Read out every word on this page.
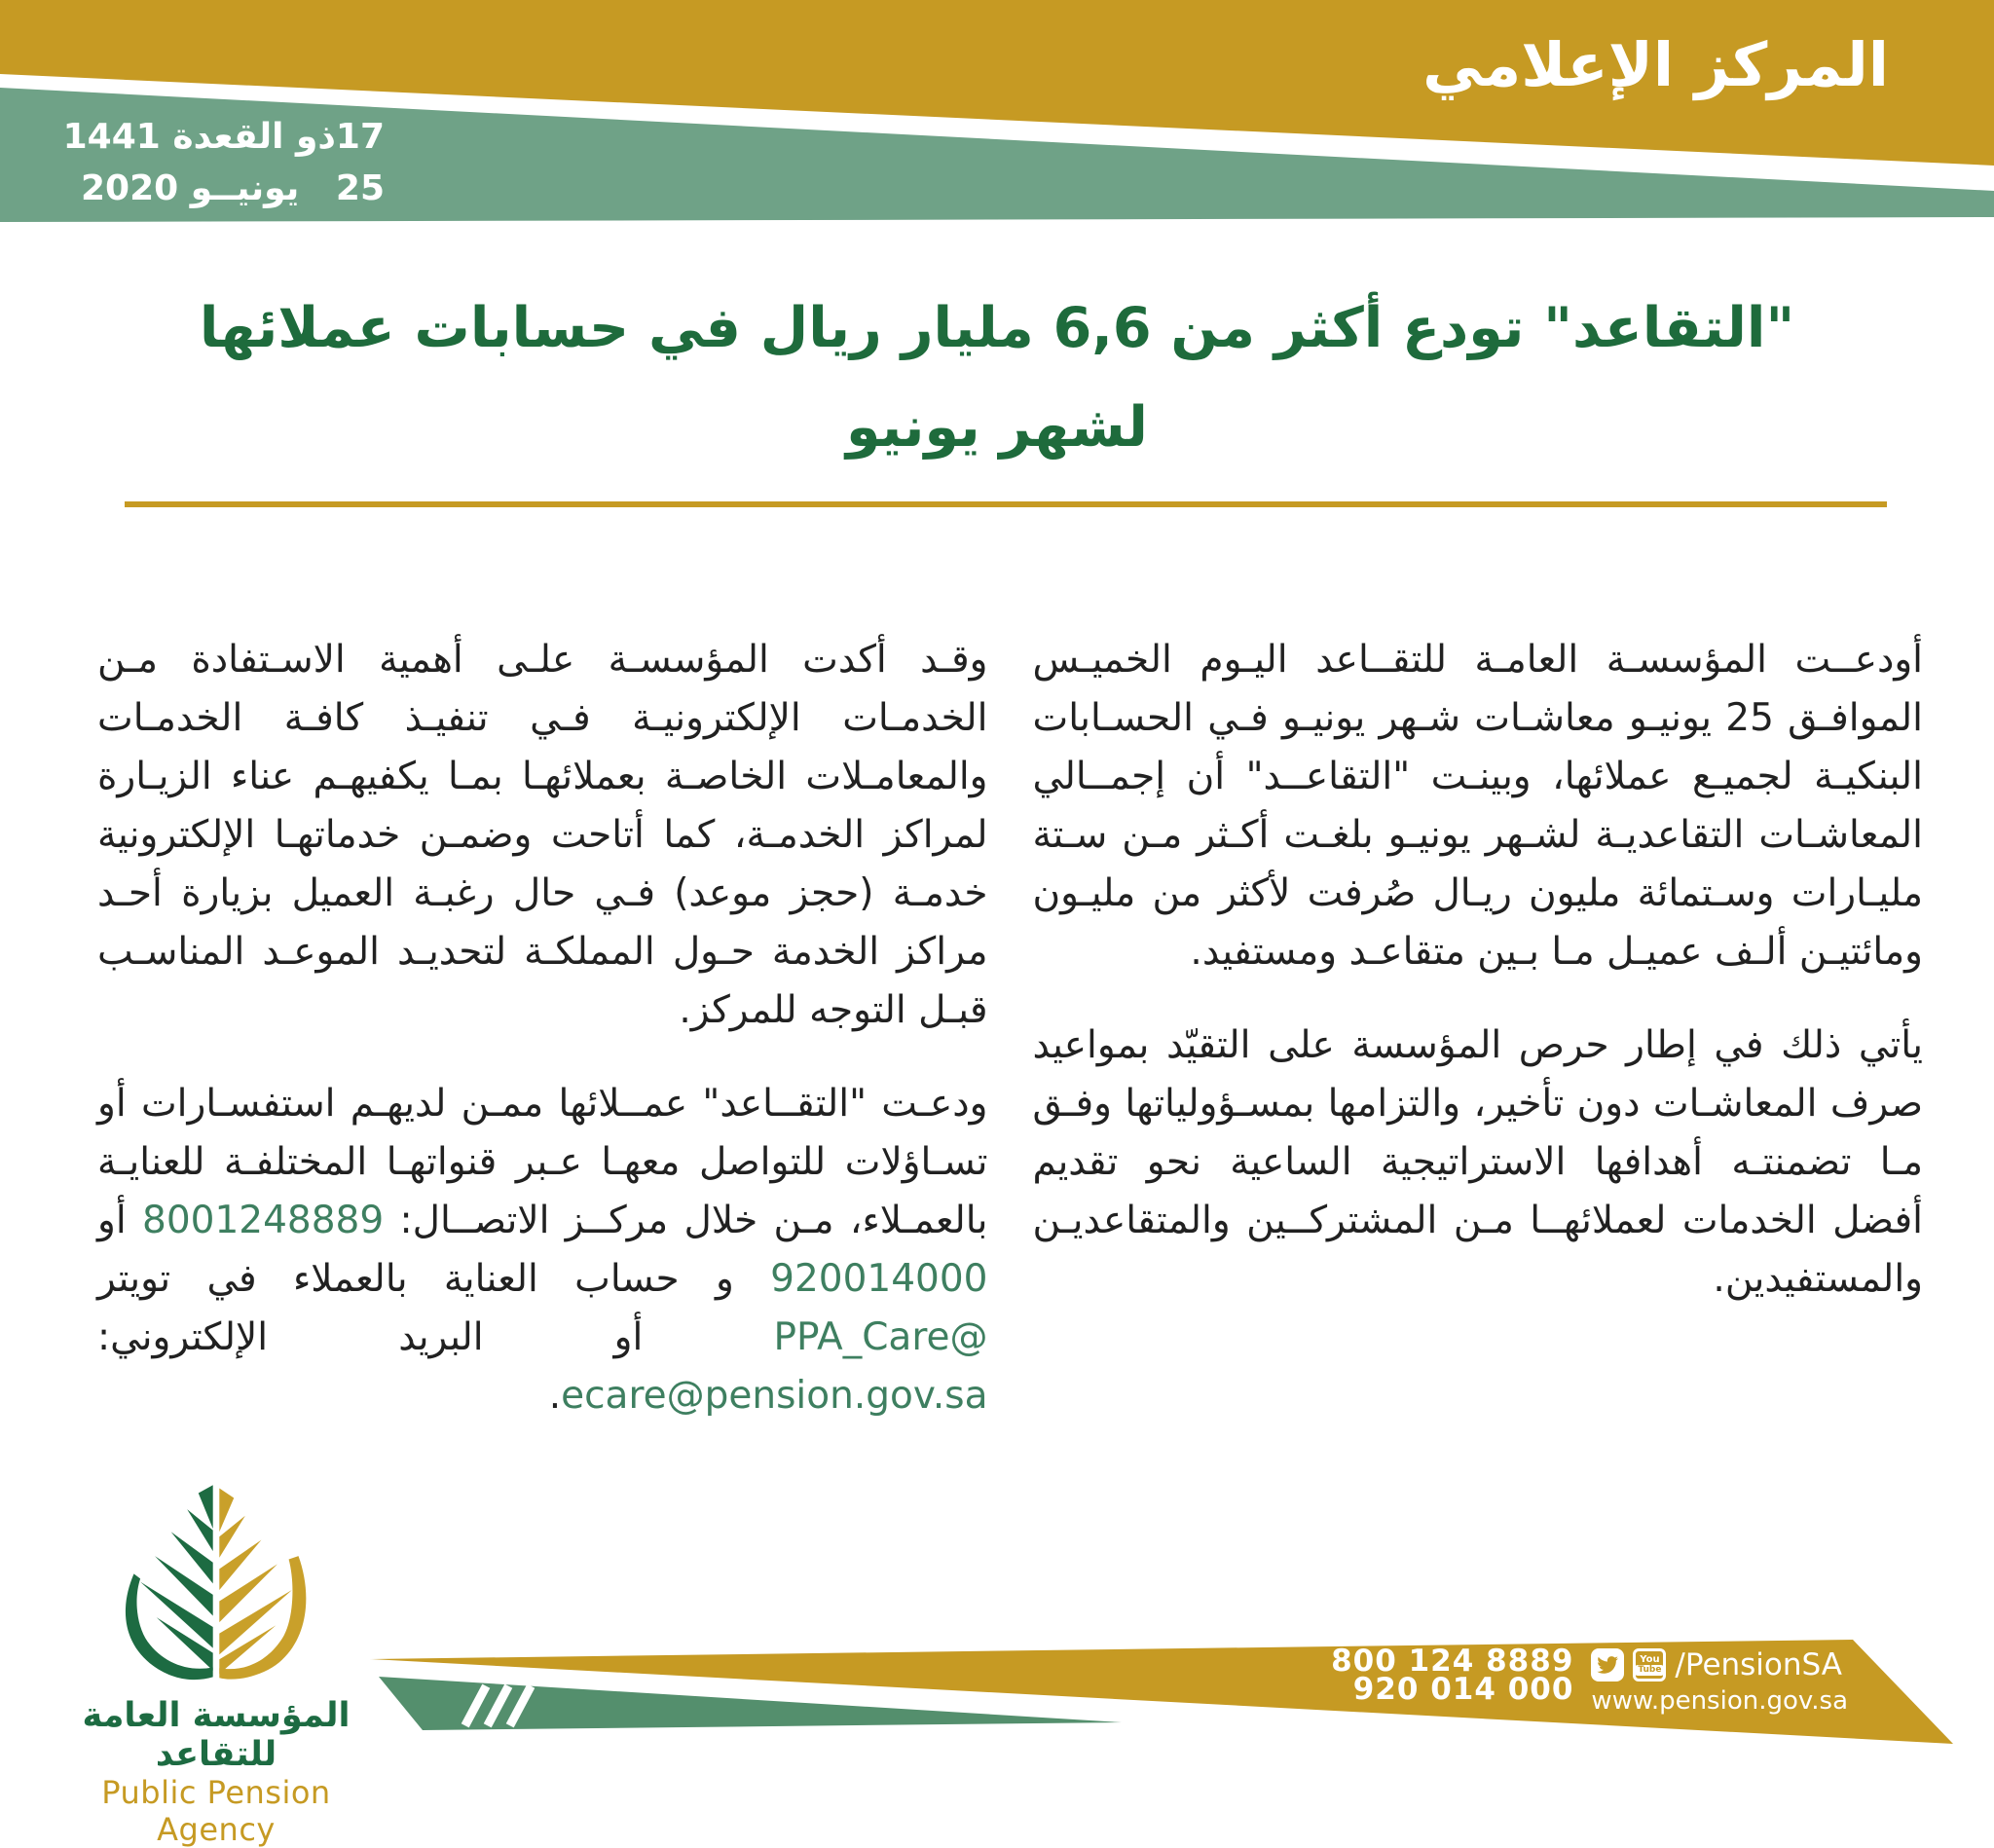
المركز الإعلامي
17
ذو القعدة 1441
25
يونيــو 2020
"التقاعد" تودع أكثر من 6,6 مليار ريال في حسابات عملائها
لشهر يونيو

أودعــت المؤسسـة العامـة للتقــاعد اليـوم الخميـس الموافـق 25 يونيـو معاشـات شـهر يونيـو فـي الحسـابات البنكيـة لجميـع عملائها، وبينـت "التقاعــد" أن إجمــالي المعاشـات التقاعديـة لشـهر يونيـو بلغـت أكـثر مـن سـتة مليـارات وسـتمائة مليون ريـال صُرفت لأكثر من مليـون ومائتيـن ألـف عميـل مـا بـين متقاعـد ومستفيد.

يأتي ذلك في إطار حرص المؤسسة على التقيّد بمواعيد صرف المعاشـات دون تأخير، والتزامها بمسـؤولياتها وفـق مـا تضمنتـه أهدافها الاستراتيجية الساعية نحو تقديم أفضل الخدمات لعملائهــا مـن المشتركــين والمتقاعديـن والمستفيدين.

وقـد أكدت المؤسسـة علـى أهمية الاسـتفادة مـن الخدمـات الإلكترونيـة فـي تنفيـذ كافـة الخدمـات والمعامـلات الخاصـة بعملائهـا بمـا يكفيهـم عناء الزيـارة لمراكز الخدمـة، كما أتاحت وضمـن خدماتهـا الإلكترونية خدمـة (حجز موعد) فـي حال رغبـة العميل بزيارة أحـد مراكز الخدمة حـول المملكـة لتحديـد الموعـد المناسـب قبـل التوجه للمركز.

ودعـت "التقــاعد" عمــلائها ممـن لديهـم استفسـارات أو تسـاؤلات للتواصل معهـا عـبر قنواتهـا المختلفـة للعنايـة بالعمـلاء، مـن خلال مركــز الاتصــال: 8001248889 أو 920014000 و حساب العناية بالعملاء في تويتر @PPA_Care أو البريد الإلكتروني: ecare@pension.gov.sa.

المؤسسة العامة للتقاعد
Public Pension Agency
800 124 8889
920 014 000
You
Tube /PensionSA
www.pension.gov.sa
